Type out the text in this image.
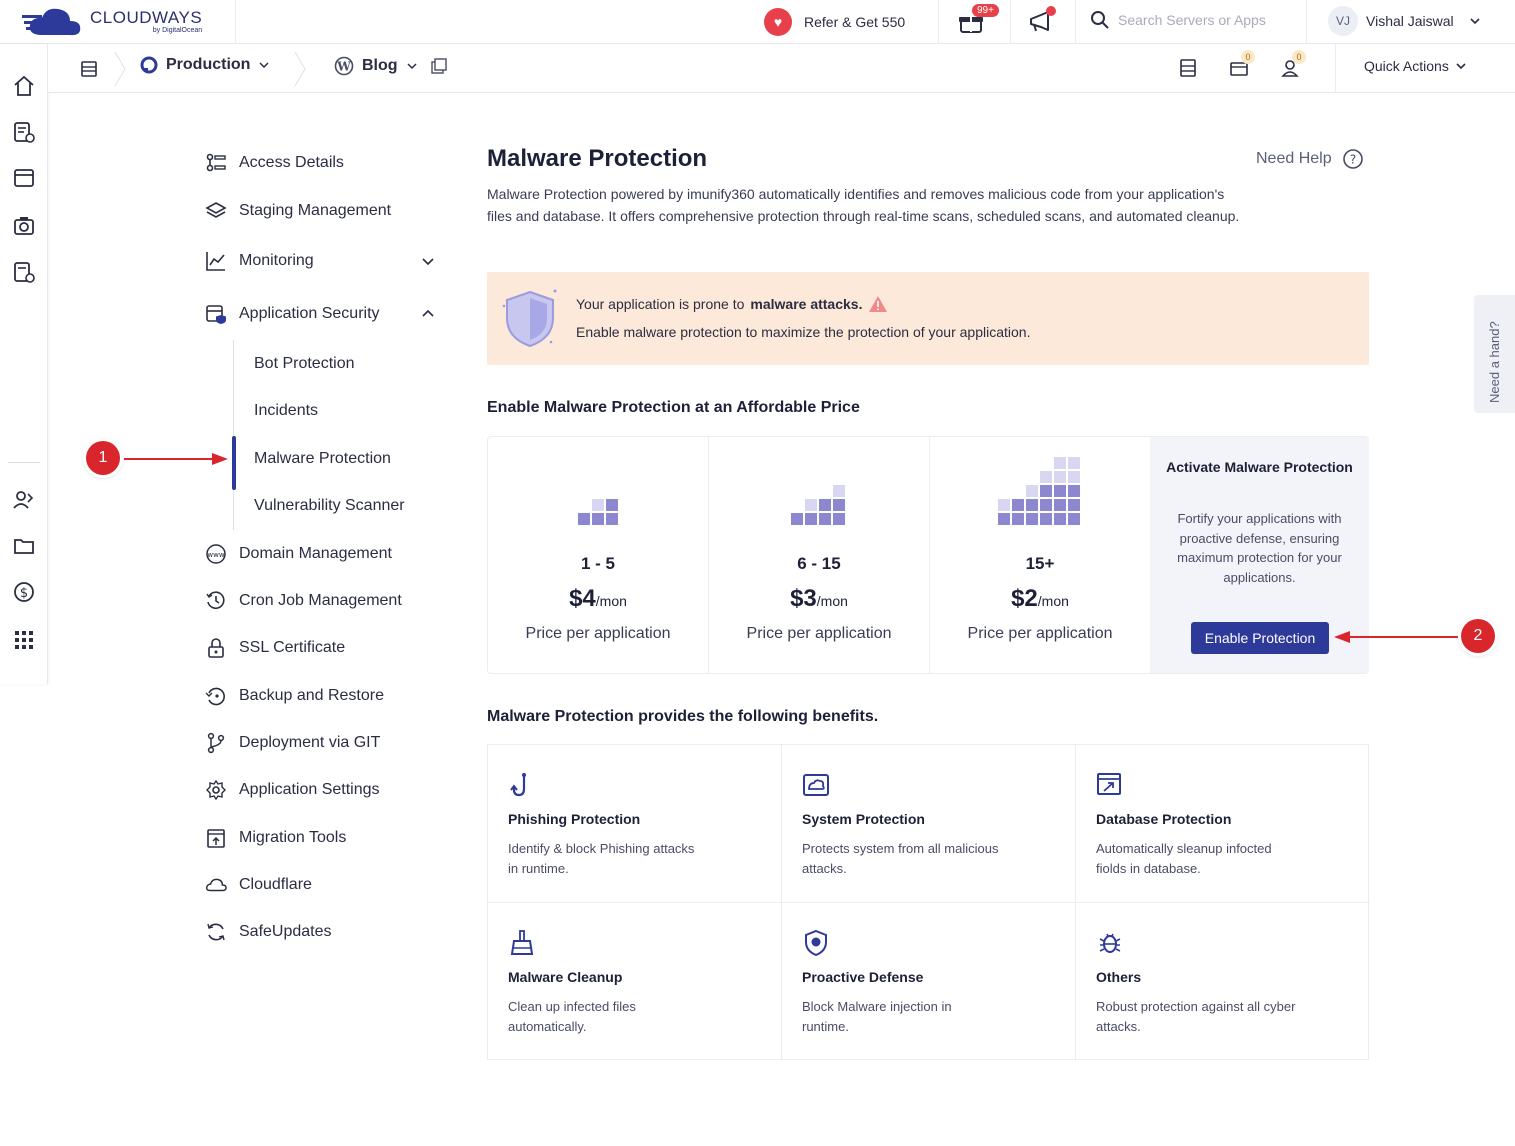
CLOUDWAYS
by DigitalOcean
♥	Refer & Get 550
99+
Search Servers or Apps	VJ	Vishal Jaiswal
$
Production	W Blog	0	0
Quick Actions
Access Details
Staging Management
Monitoring
Application Security
Bot Protection
Incidents
Malware Protection
Vulnerability Scanner
www Domain Management
Cron Job Management
SSL Certificate
Backup and Restore
Deployment via GIT
Application Settings
Migration Tools
Cloudflare
SafeUpdates
1
Malware Protection	Need Help ?

Malware Protection powered by imunify360 automatically identifies and removes malicious code from your application's files and database. It offers comprehensive protection through real-time scans, scheduled scans, and automated cleanup.

Your application is prone to malware attacks.
Enable malware protection to maximize the protection of your application.
Enable Malware Protection at an Affordable Price
1 - 5
$4/mon
Price per application
6 - 15
$3/mon
Price per application
15+
$2/mon
Price per application
Activate Malware Protection
Fortify your applications with proactive defense, ensuring maximum protection for your applications.
Enable Protection	2
Malware Protection provides the following benefits.
Phishing Protection
Identify & block Phishing attacks in runtime.
System Protection
Protects system from all malicious attacks.
Database Protection
Automatically sleanup infocted fiolds in database.
Malware Cleanup
Clean up infected files automatically.
Proactive Defense
Block Malware injection in runtime.
Others
Robust protection against all cyber attacks.
Need a hand?
